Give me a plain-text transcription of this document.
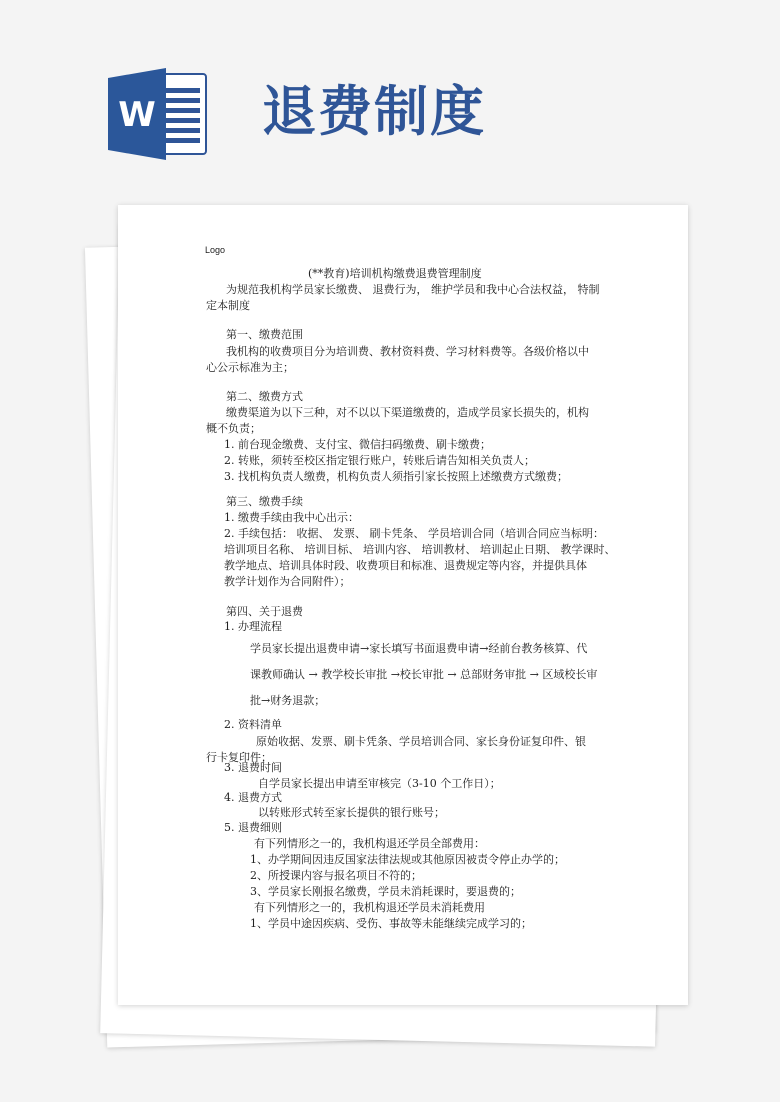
W 退费制度
Logo
(**教育)培训机构缴费退费管理制度
为规范我机构学员家长缴费、 退费行为， 维护学员和我中心合法权益， 特制
定本制度
第一、缴费范围
我机构的收费项目分为培训费、教材资料费、学习材料费等。各级价格以中
心公示标准为主；
第二、缴费方式
缴费渠道为以下三种，对不以以下渠道缴费的，造成学员家长损失的，机构
概不负责；
1. 前台现金缴费、支付宝、微信扫码缴费、刷卡缴费；
2. 转账，须转至校区指定银行账户，转账后请告知相关负责人；
3. 找机构负责人缴费，机构负责人须指引家长按照上述缴费方式缴费；
第三、缴费手续
1. 缴费手续由我中心出示：
2. 手续包括： 收据、 发票、 刷卡凭条、 学员培训合同（培训合同应当标明：
培训项目名称、 培训目标、 培训内容、 培训教材、 培训起止日期、 教学课时、
教学地点、培训具体时段、收费项目和标准、退费规定等内容，并提供具体
教学计划作为合同附件）；
第四、关于退费
1. 办理流程
学员家长提出退费申请→家长填写书面退费申请→经前台教务核算、代
课教师确认 → 教学校长审批 →校长审批 → 总部财务审批 → 区域校长审
批→财务退款；
2. 资料清单
原始收据、发票、刷卡凭条、学员培训合同、家长身份证复印件、银
行卡复印件；
3. 退费时间
自学员家长提出申请至审核完（3-10 个工作日）；
4. 退费方式
以转账形式转至家长提供的银行账号；
5. 退费细则
有下列情形之一的，我机构退还学员全部费用：
1、办学期间因违反国家法律法规或其他原因被责令停止办学的；
2、所授课内容与报名项目不符的；
3、学员家长刚报名缴费，学员未消耗课时，要退费的；
有下列情形之一的，我机构退还学员未消耗费用
1、学员中途因疾病、受伤、事故等未能继续完成学习的；
